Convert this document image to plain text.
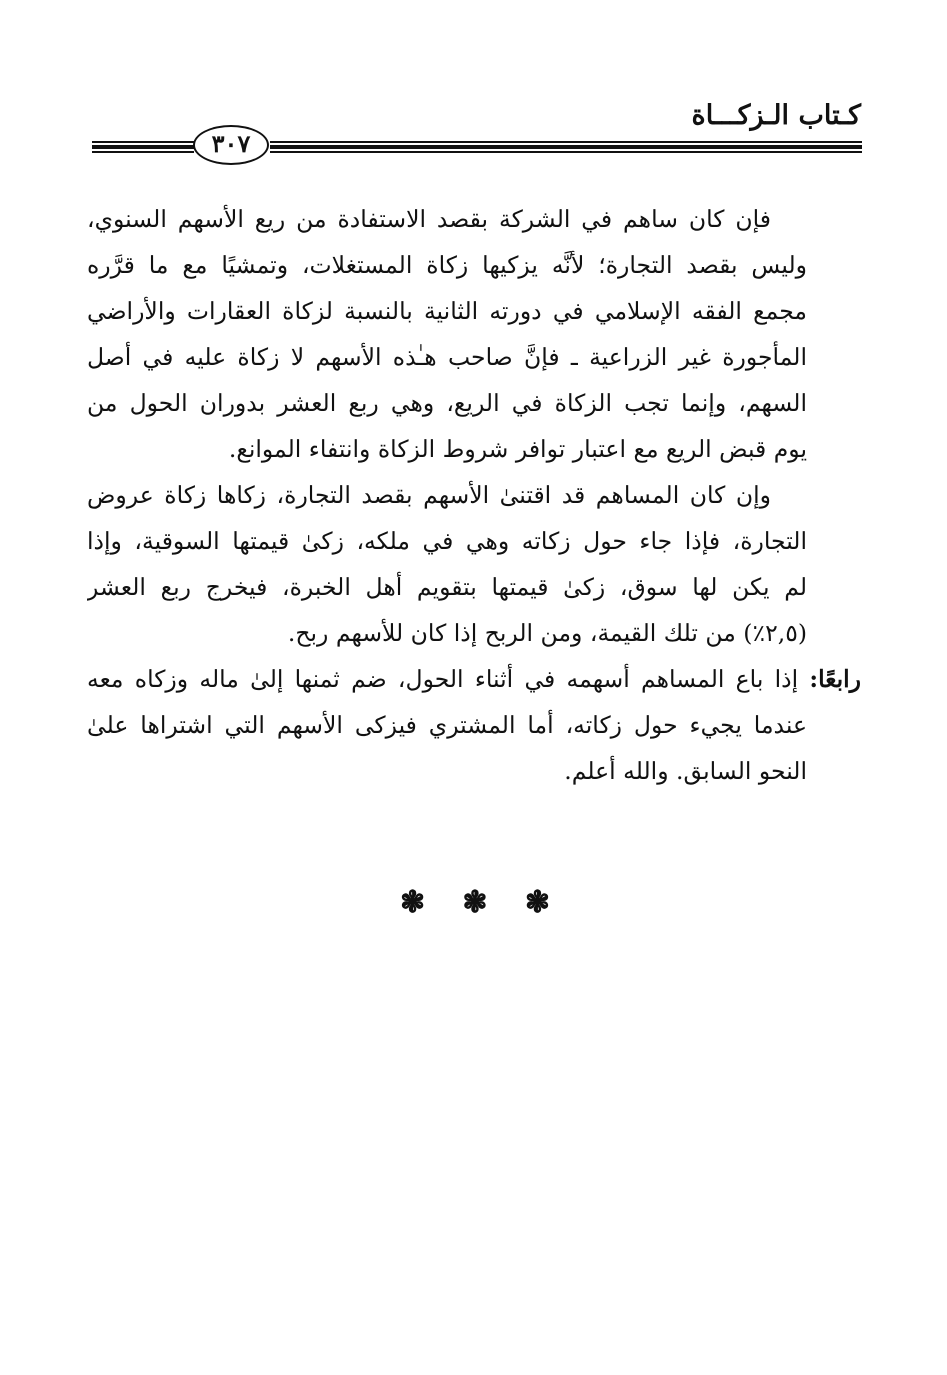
كـتاب الـزكـــاة
٣٠٧
فإن كان ساهم في الشركة بقصد الاستفادة من ريع الأسهم السنوي،
وليس بقصد التجارة؛ لأنَّه يزكيها زكاة المستغلات، وتمشيًا مع ما قرَّره
مجمع الفقه الإسلامي في دورته الثانية بالنسبة لزكاة العقارات والأراضي
المأجورة غير الزراعية ـ فإنَّ صاحب هـٰذه الأسهم لا زكاة عليه في أصل
السهم، وإنما تجب الزكاة في الريع، وهي ربع العشر بدوران الحول من
يوم قبض الريع مع اعتبار توافر شروط الزكاة وانتفاء الموانع.
وإن كان المساهم قد اقتنىٰ الأسهم بقصد التجارة، زكاها زكاة عروض
التجارة، فإذا جاء حول زكاته وهي في ملكه، زكىٰ قيمتها السوقية، وإذا
لم يكن لها سوق، زكىٰ قيمتها بتقويم أهل الخبرة، فيخرج ربع العشر
(٢,٥٪) من تلك القيمة، ومن الربح إذا كان للأسهم ربح.
رابعًا: إذا باع المساهم أسهمه في أثناء الحول، ضم ثمنها إلىٰ ماله وزكاه معه
عندما يجيء حول زكاته، أما المشتري فيزكى الأسهم التي اشتراها علىٰ
النحو السابق. والله أعلم.
❃ ❃ ❃
